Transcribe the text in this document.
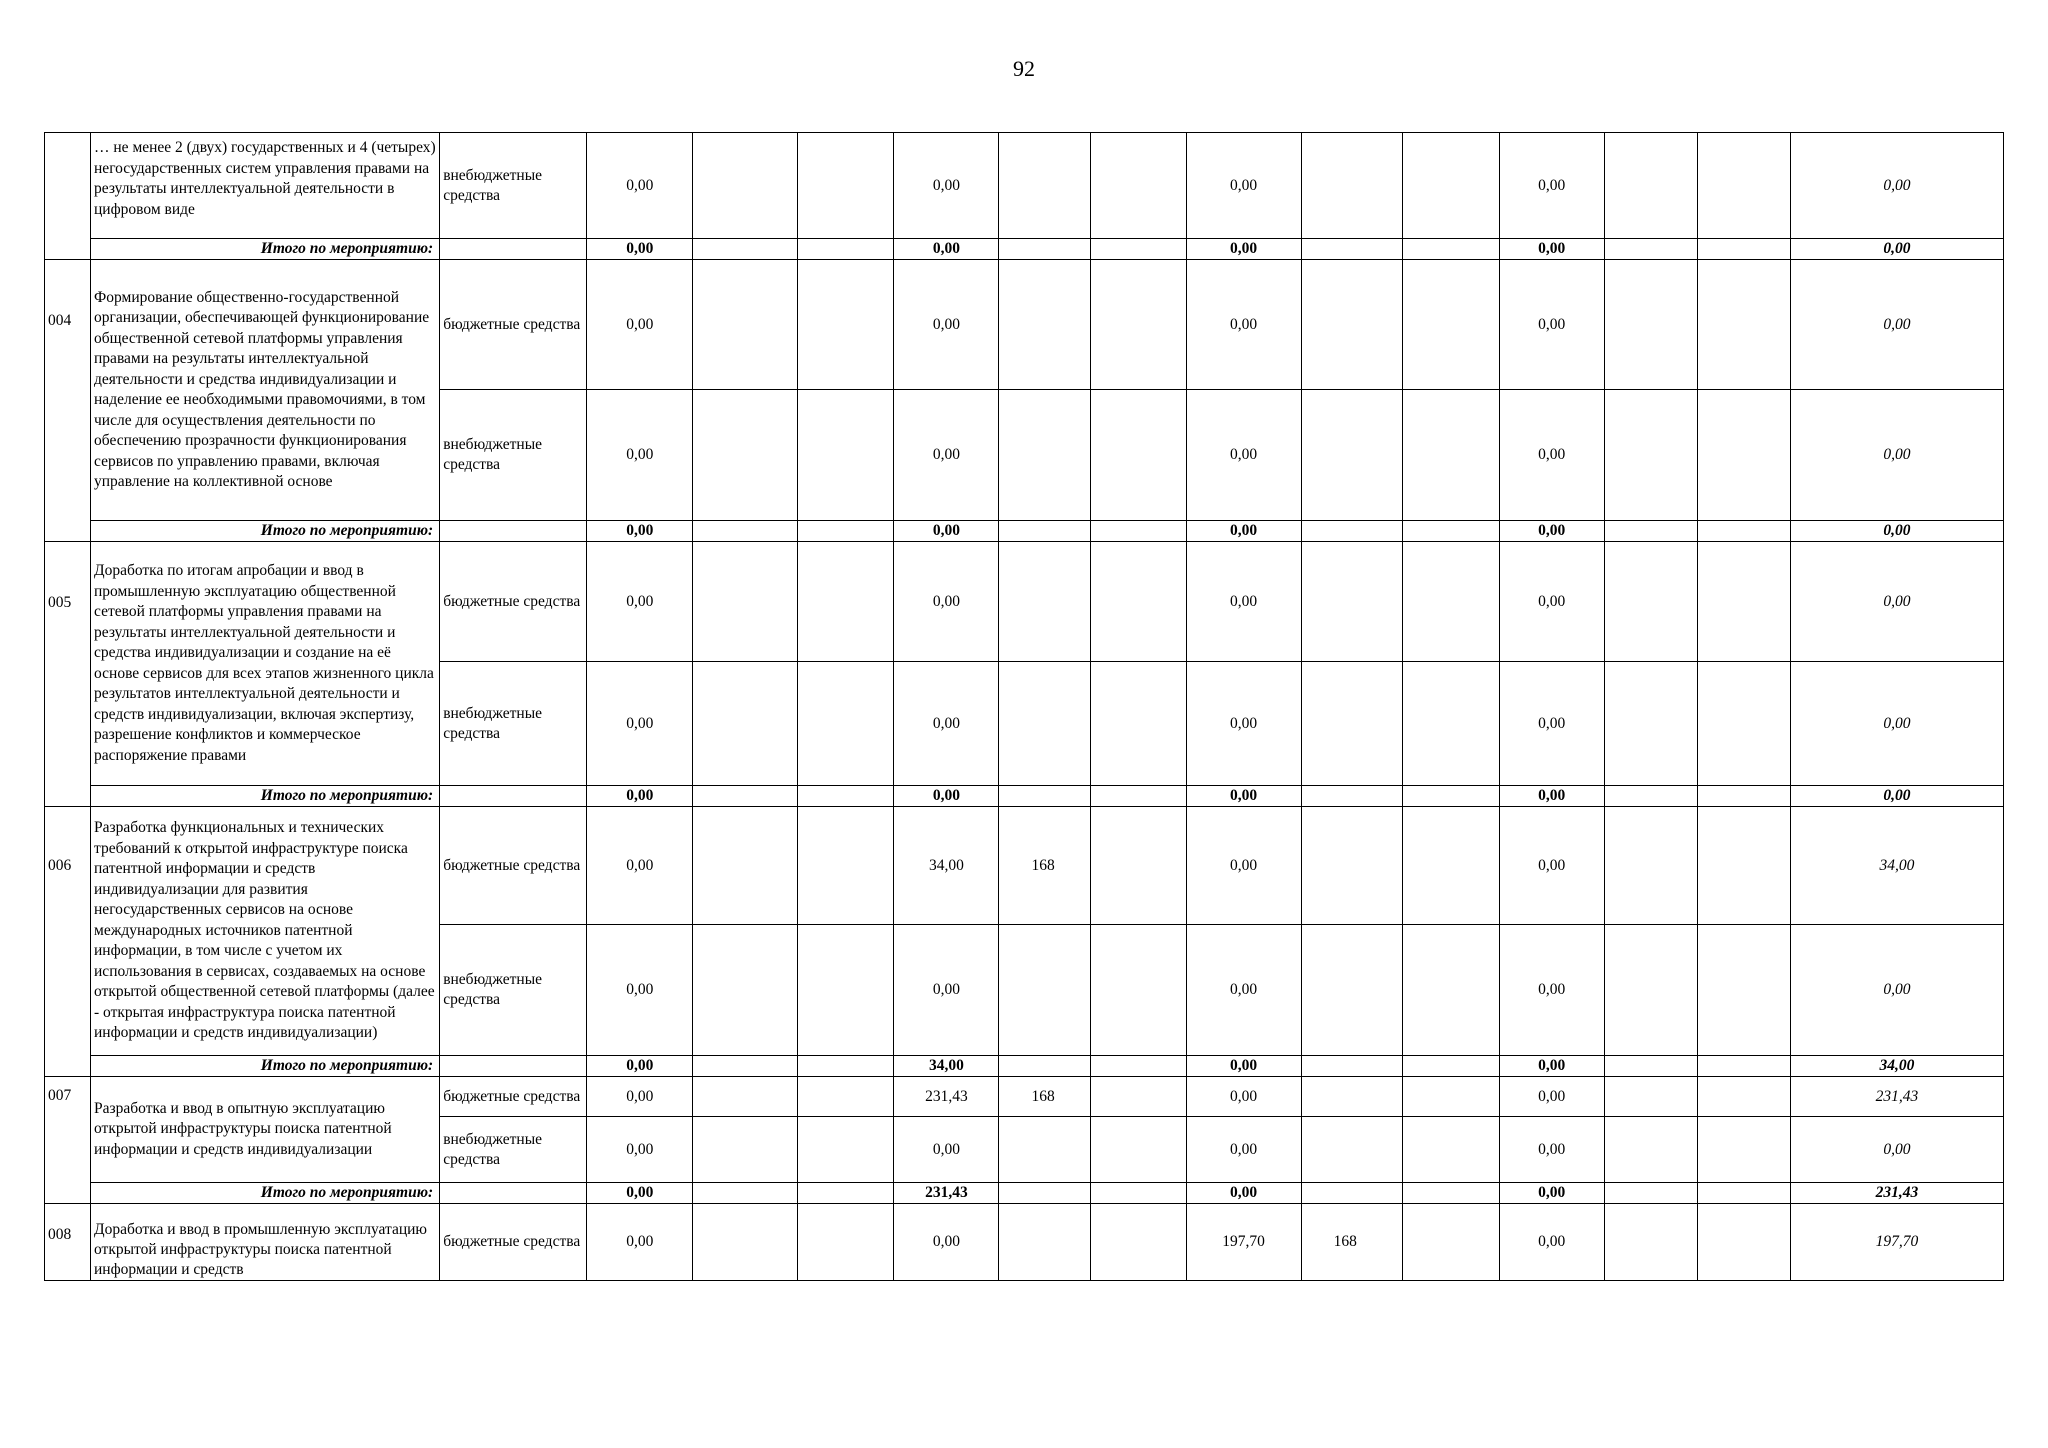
92
	… не менее 2 (двух) государственных и 4 (четырех) негосударственных систем управления правами на результаты интеллектуальной деятельности в цифровом виде	внебюджетные средства	0,00			0,00			0,00			0,00			0,00
	Итого по мероприятию:		0,00			0,00			0,00			0,00			0,00
004	Формирование общественно-государственной организации, обеспечивающей функционирование общественной сетевой платформы управления правами на результаты интеллектуальной деятельности и средства индивидуализации и наделение ее необходимыми правомочиями, в том числе для осуществления деятельности по обеспечению прозрачности функционирования сервисов по управлению правами, включая управление на коллективной основе	бюджетные средства	0,00			0,00			0,00			0,00			0,00
		внебюджетные средства	0,00			0,00			0,00			0,00			0,00
	Итого по мероприятию:		0,00			0,00			0,00			0,00			0,00
005	Доработка по итогам апробации и ввод в промышленную эксплуатацию общественной сетевой платформы управления правами на результаты интеллектуальной деятельности и средства индивидуализации и создание на её основе сервисов для всех этапов жизненного цикла результатов интеллектуальной деятельности и средств индивидуализации, включая экспертизу, разрешение конфликтов и коммерческое распоряжение правами	бюджетные средства	0,00			0,00			0,00			0,00			0,00
		внебюджетные средства	0,00			0,00			0,00			0,00			0,00
	Итого по мероприятию:		0,00			0,00			0,00			0,00			0,00
006	Разработка функциональных и технических требований к открытой инфраструктуре поиска патентной информации и средств индивидуализации для развития негосударственных сервисов на основе международных источников патентной информации, в том числе с учетом их использования в сервисах, создаваемых на основе открытой общественной сетевой платформы (далее - открытая инфраструктура поиска патентной информации и средств индивидуализации)	бюджетные средства	0,00			34,00	168		0,00			0,00			34,00
		внебюджетные средства	0,00			0,00			0,00			0,00			0,00
	Итого по мероприятию:		0,00			34,00			0,00			0,00			34,00
007	Разработка и ввод в опытную эксплуатацию открытой инфраструктуры поиска патентной информации и средств индивидуализации	бюджетные средства	0,00			231,43	168		0,00			0,00			231,43
		внебюджетные средства	0,00			0,00			0,00			0,00			0,00
	Итого по мероприятию:		0,00			231,43			0,00			0,00			231,43
008	Доработка и ввод в промышленную эксплуатацию открытой инфраструктуры поиска патентной информации и средств	бюджетные средства	0,00			0,00			197,70	168		0,00			197,70
